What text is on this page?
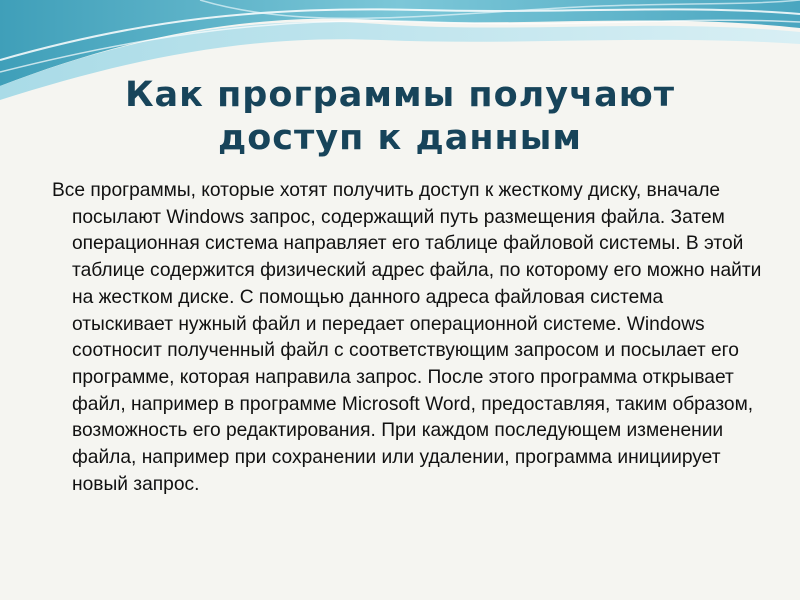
Как программы получают доступ к данным

Все программы, которые хотят получить доступ к жесткому диску, вначале посылают Windows запрос, содержащий путь размещения файла. Затем операционная система направляет его таблице файловой системы. В этой таблице содержится физический адрес файла, по которому его можно найти на жестком диске. С помощью данного адреса файловая система отыскивает нужный файл и передает операционной системе. Windows соотносит полученный файл с соответствующим запросом и посылает его программе, которая направила запрос. После этого программа открывает файл, например в программе Microsoft Word, предоставляя, таким образом, возможность его редактирования. При каждом последующем изменении файла, например при сохранении или удалении, программа инициирует новый запрос.
